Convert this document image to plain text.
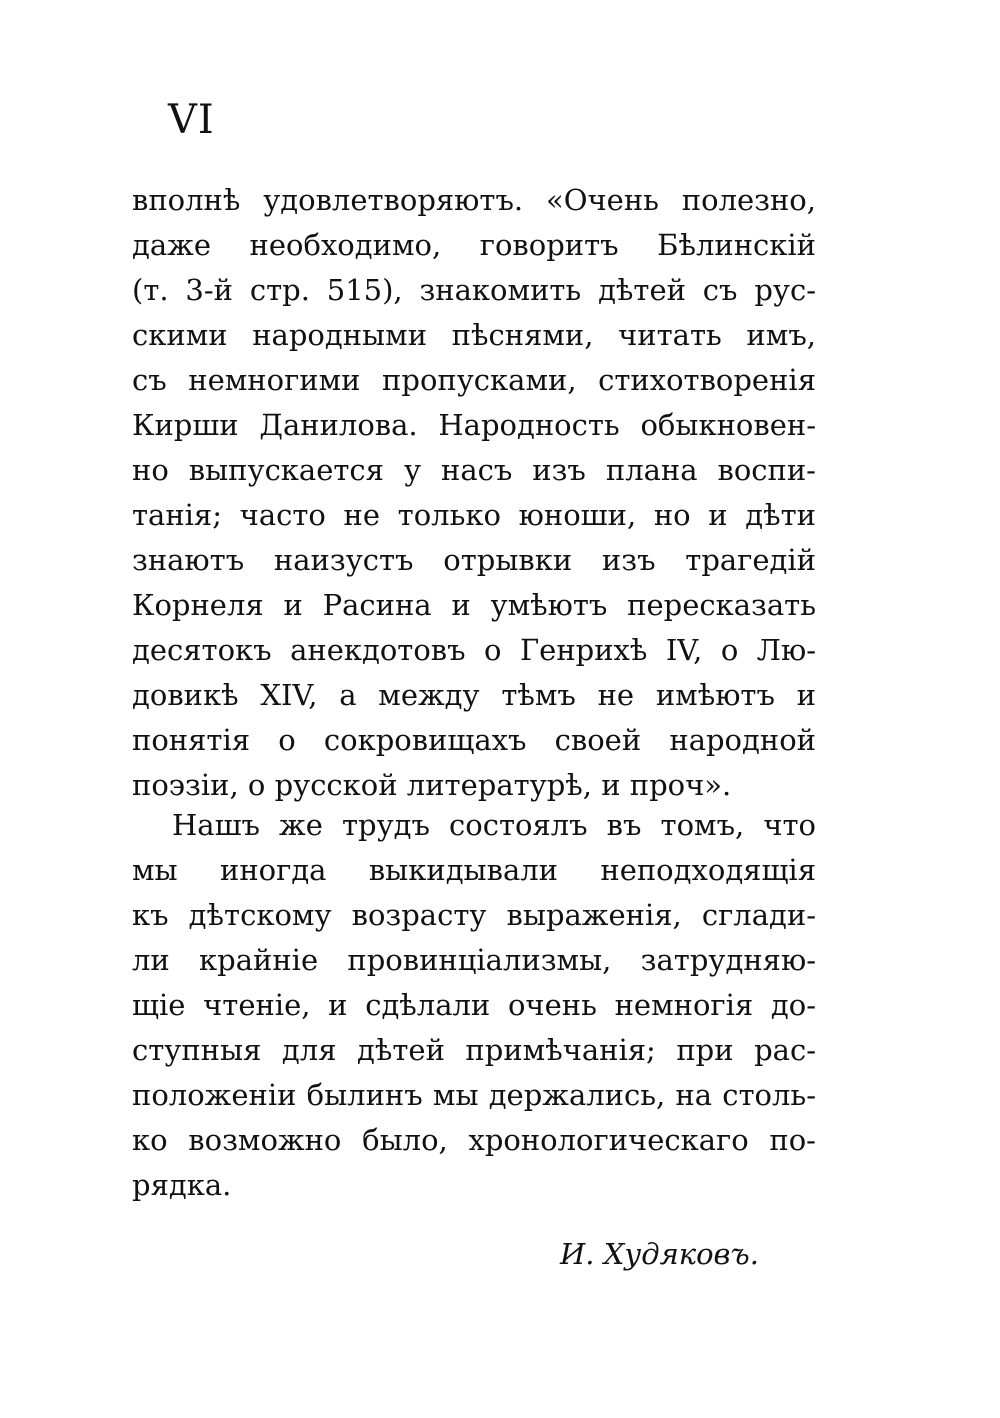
VI
вполнѣ удовлетворяютъ. «Очень полезно,
даже необходимо, говоритъ Бѣлинскій
(т. 3-й стр. 515), знакомить дѣтей съ рус-
скими народными пѣснями, читать имъ,
съ немногими пропусками, стихотворенія
Кирши Данилова. Народность обыкновен-
но выпускается у насъ изъ плана воспи-
танія; часто не только юноши, но и дѣти
знаютъ наизустъ отрывки изъ трагедій
Корнеля и Расина и умѣютъ пересказать
десятокъ анекдотовъ о Генрихѣ IV, о Лю-
довикѣ XIV, а между тѣмъ не имѣютъ и
понятія о сокровищахъ своей народной
поэзіи, о русской литературѣ, и проч».
Нашъ же трудъ состоялъ въ томъ, что
мы иногда выкидывали неподходящія
къ дѣтскому возрасту выраженія, сглади-
ли крайніе провинціализмы, затрудняю-
щіе чтеніе, и сдѣлали очень немногія до-
ступныя для дѣтей примѣчанія; при рас-
положеніи былинъ мы держались, на столь-
ко возможно было, хронологическаго по-
рядка.
И. Худяковъ.
